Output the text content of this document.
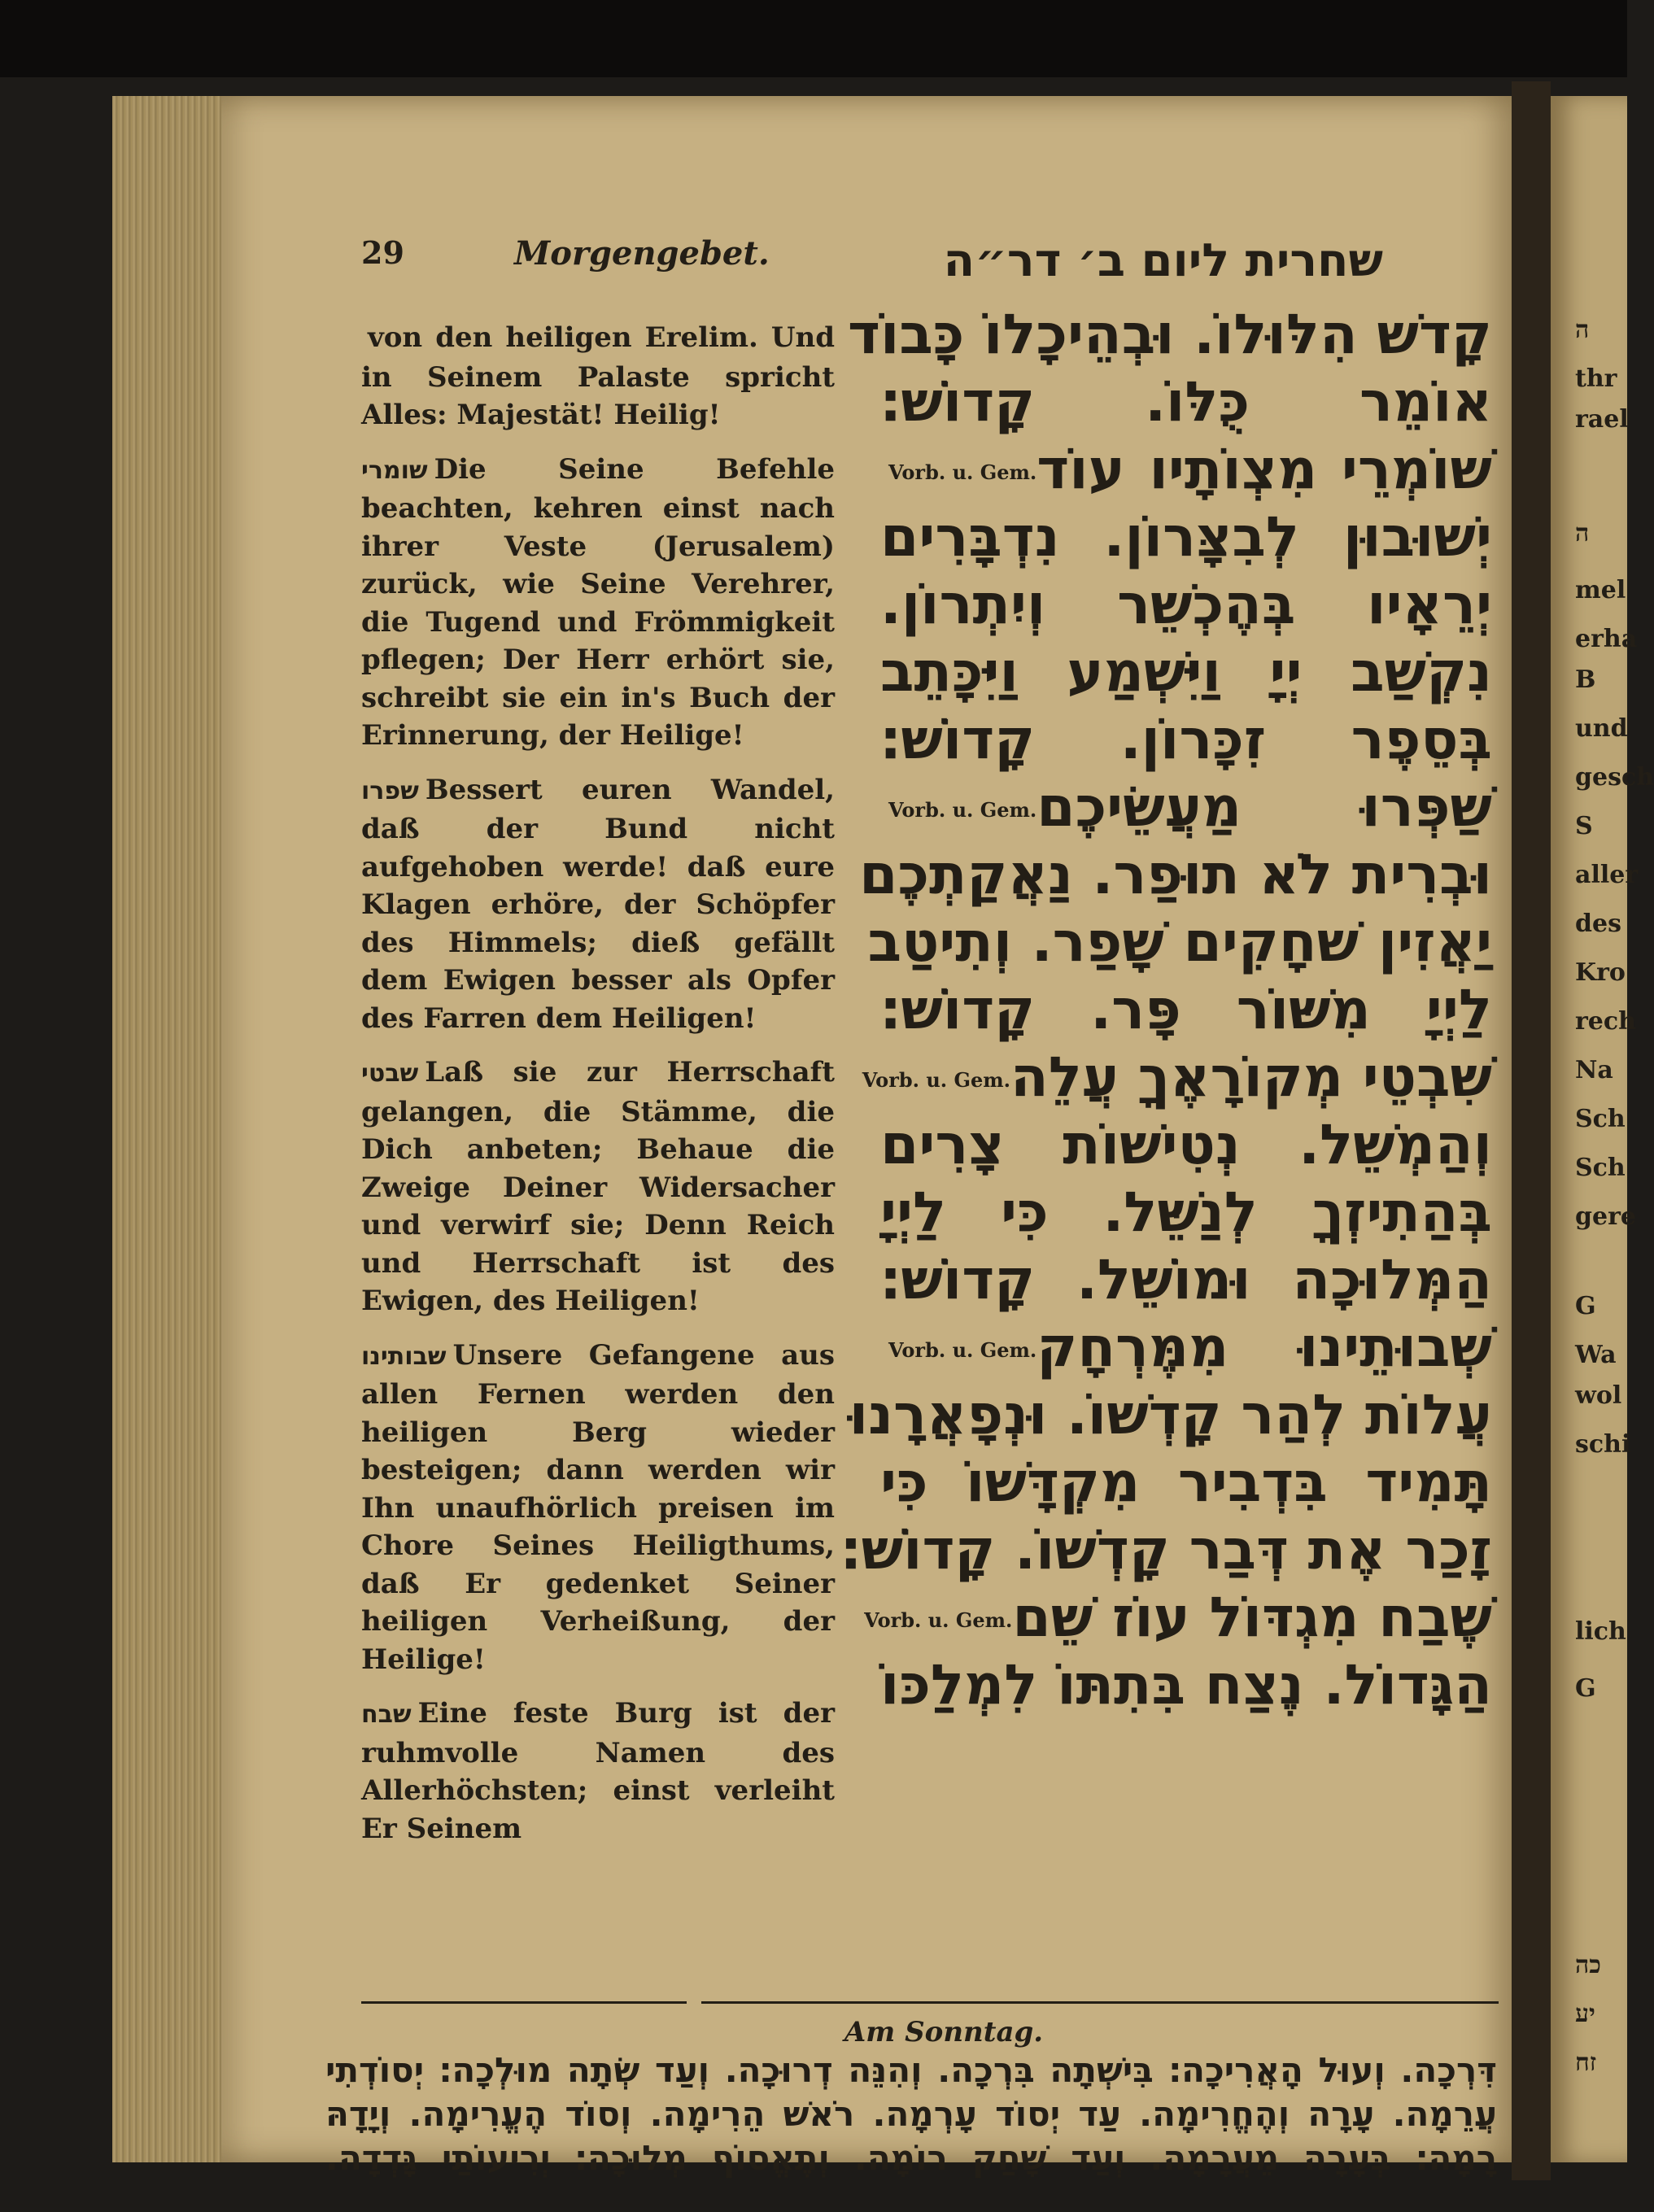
ה
thr
rael
ה
mel
erha
B
und
gesch
S
aller
des
Kro
rech
Na
Sch
Sch
gere
G
Wa
wol
schi
lich
G
כה
יע
זח
29	Morgengebet.	שחרית ליום ב׳ דר״ה

von den heiligen Erelim. Und in Seinem Palaste spricht Alles: Majestät! Heilig!

שומרי Die Seine Befehle beachten, kehren einst nach ihrer Veste (Jerusalem) zurück, wie Seine Verehrer, die Tugend und Frömmigkeit pflegen; Der Herr erhört sie, schreibt sie ein in's Buch der Erinnerung, der Heilige!

שפרו Bessert euren Wandel, daß der Bund nicht aufgehoben werde! daß eure Klagen erhöre, der Schöpfer des Himmels; dieß gefällt dem Ewigen besser als Opfer des Farren dem Heiligen!

שבטי Laß sie zur Herrschaft gelangen, die Stämme, die Dich anbeten; Behaue die Zweige Deiner Widersacher und verwirf sie; Denn Reich und Herrschaft ist des Ewigen, des Heiligen!

שבותינו Unsere Gefangene aus allen Fernen werden den heiligen Berg wieder besteigen; dann werden wir Ihn unaufhörlich preisen im Chore Seines Heiligthums, daß Er gedenket Seiner heiligen Verheißung, der Heilige!

שבח Eine feste Burg ist der ruhmvolle Namen des Allerhöchsten; einst verleiht Er Seinem

קָדשׁ הִלּוּלוֹ. וּבְהֵיכָלוֹ כָּבוֹד
אוֹמֵר כֻּלּוֹ. קָדוֹשׁ׃
שׁוֹמְרֵי מִצְוֹתָיו עוֹדVorb. u. Gem.
יְשׁוּבוּן לְבִצָּרוֹן. נִדְבָּרִים
יְרֵאָיו בְּהֶכְשֵׁר וְיִתְרוֹן.
נִקְשַׁב יְיָ וַיִּשְׁמַע וַיִּכָּתֵב
בְּסֵפֶר זִכָּרוֹן. קָדוֹשׁ׃
שַׁפְּרוּ מַעֲשֵׂיכֶםVorb. u. Gem.
וּבְרִית לֹא תוּפַר. נַאֲקַתְכֶם
יַאֲזִין שׁחָקִים שָׁפַר. וְתִיטַב
לַיְיָ מִשּׁוֹר פָּר. קָדוֹשׁ׃
שִׁבְטֵי מְקוֹרָאֶךָ עֲלֵהVorb. u. Gem.
וְהַמְשֵׁל. נְטִישׁוֹת צָרִים
בְּהַתִיזְךָ לְנַשֵּׁל. כִּי לַיְיָ
הַמְּלוּכָה וּמוֹשֵׁל. קָדוֹשׁ׃
שְׁבוּתֵינוּ מִמֶּרְחָקVorb. u. Gem.
עֲלוֹת לְהַר קָדְשׁוֹ. וּנְפָאֲרָנוּ
תָּמִיד בִּדְבִיר מִקְדָּשׁוֹ כִּי
זָכַר אֶת דְּבַר קָדְשׁוֹ. קָדוֹשׁ׃
שֶׁבַח מִגְדּוֹל עוֹז שֵׁםVorb. u. Gem.
הַגָּדוֹל. נֶצַח בִּתִתּוֹ לִמְלַכּוֹ
Am Sonntag.
דִּרְכָה. וְעוּל הָאֲרִיכָה׃ בִּישְׁתָה בִּרְכָה. וְהִנֵּה דְרוּכָה. וְעַד שְׂתָה מוּלְכָה׃ יְסוֹדְתִי
עֲרֵמָה. עָרָה וְהֶחֱרִימָה. עַד יְסוֹד עָרְמָה. רֹאשׁ הֵרִימָה. וְסוֹד הֶעֱרִימָה. וְיָדָהּ
רָמָה׃ בְּעָרָה מֵעֲרָמָה. וְעַד שָׁחַק רוֹמָה. וְתֶאֱסוֹף מְלוּכָה׃ יְרִיעוֹתַי גָּדְדָה.
